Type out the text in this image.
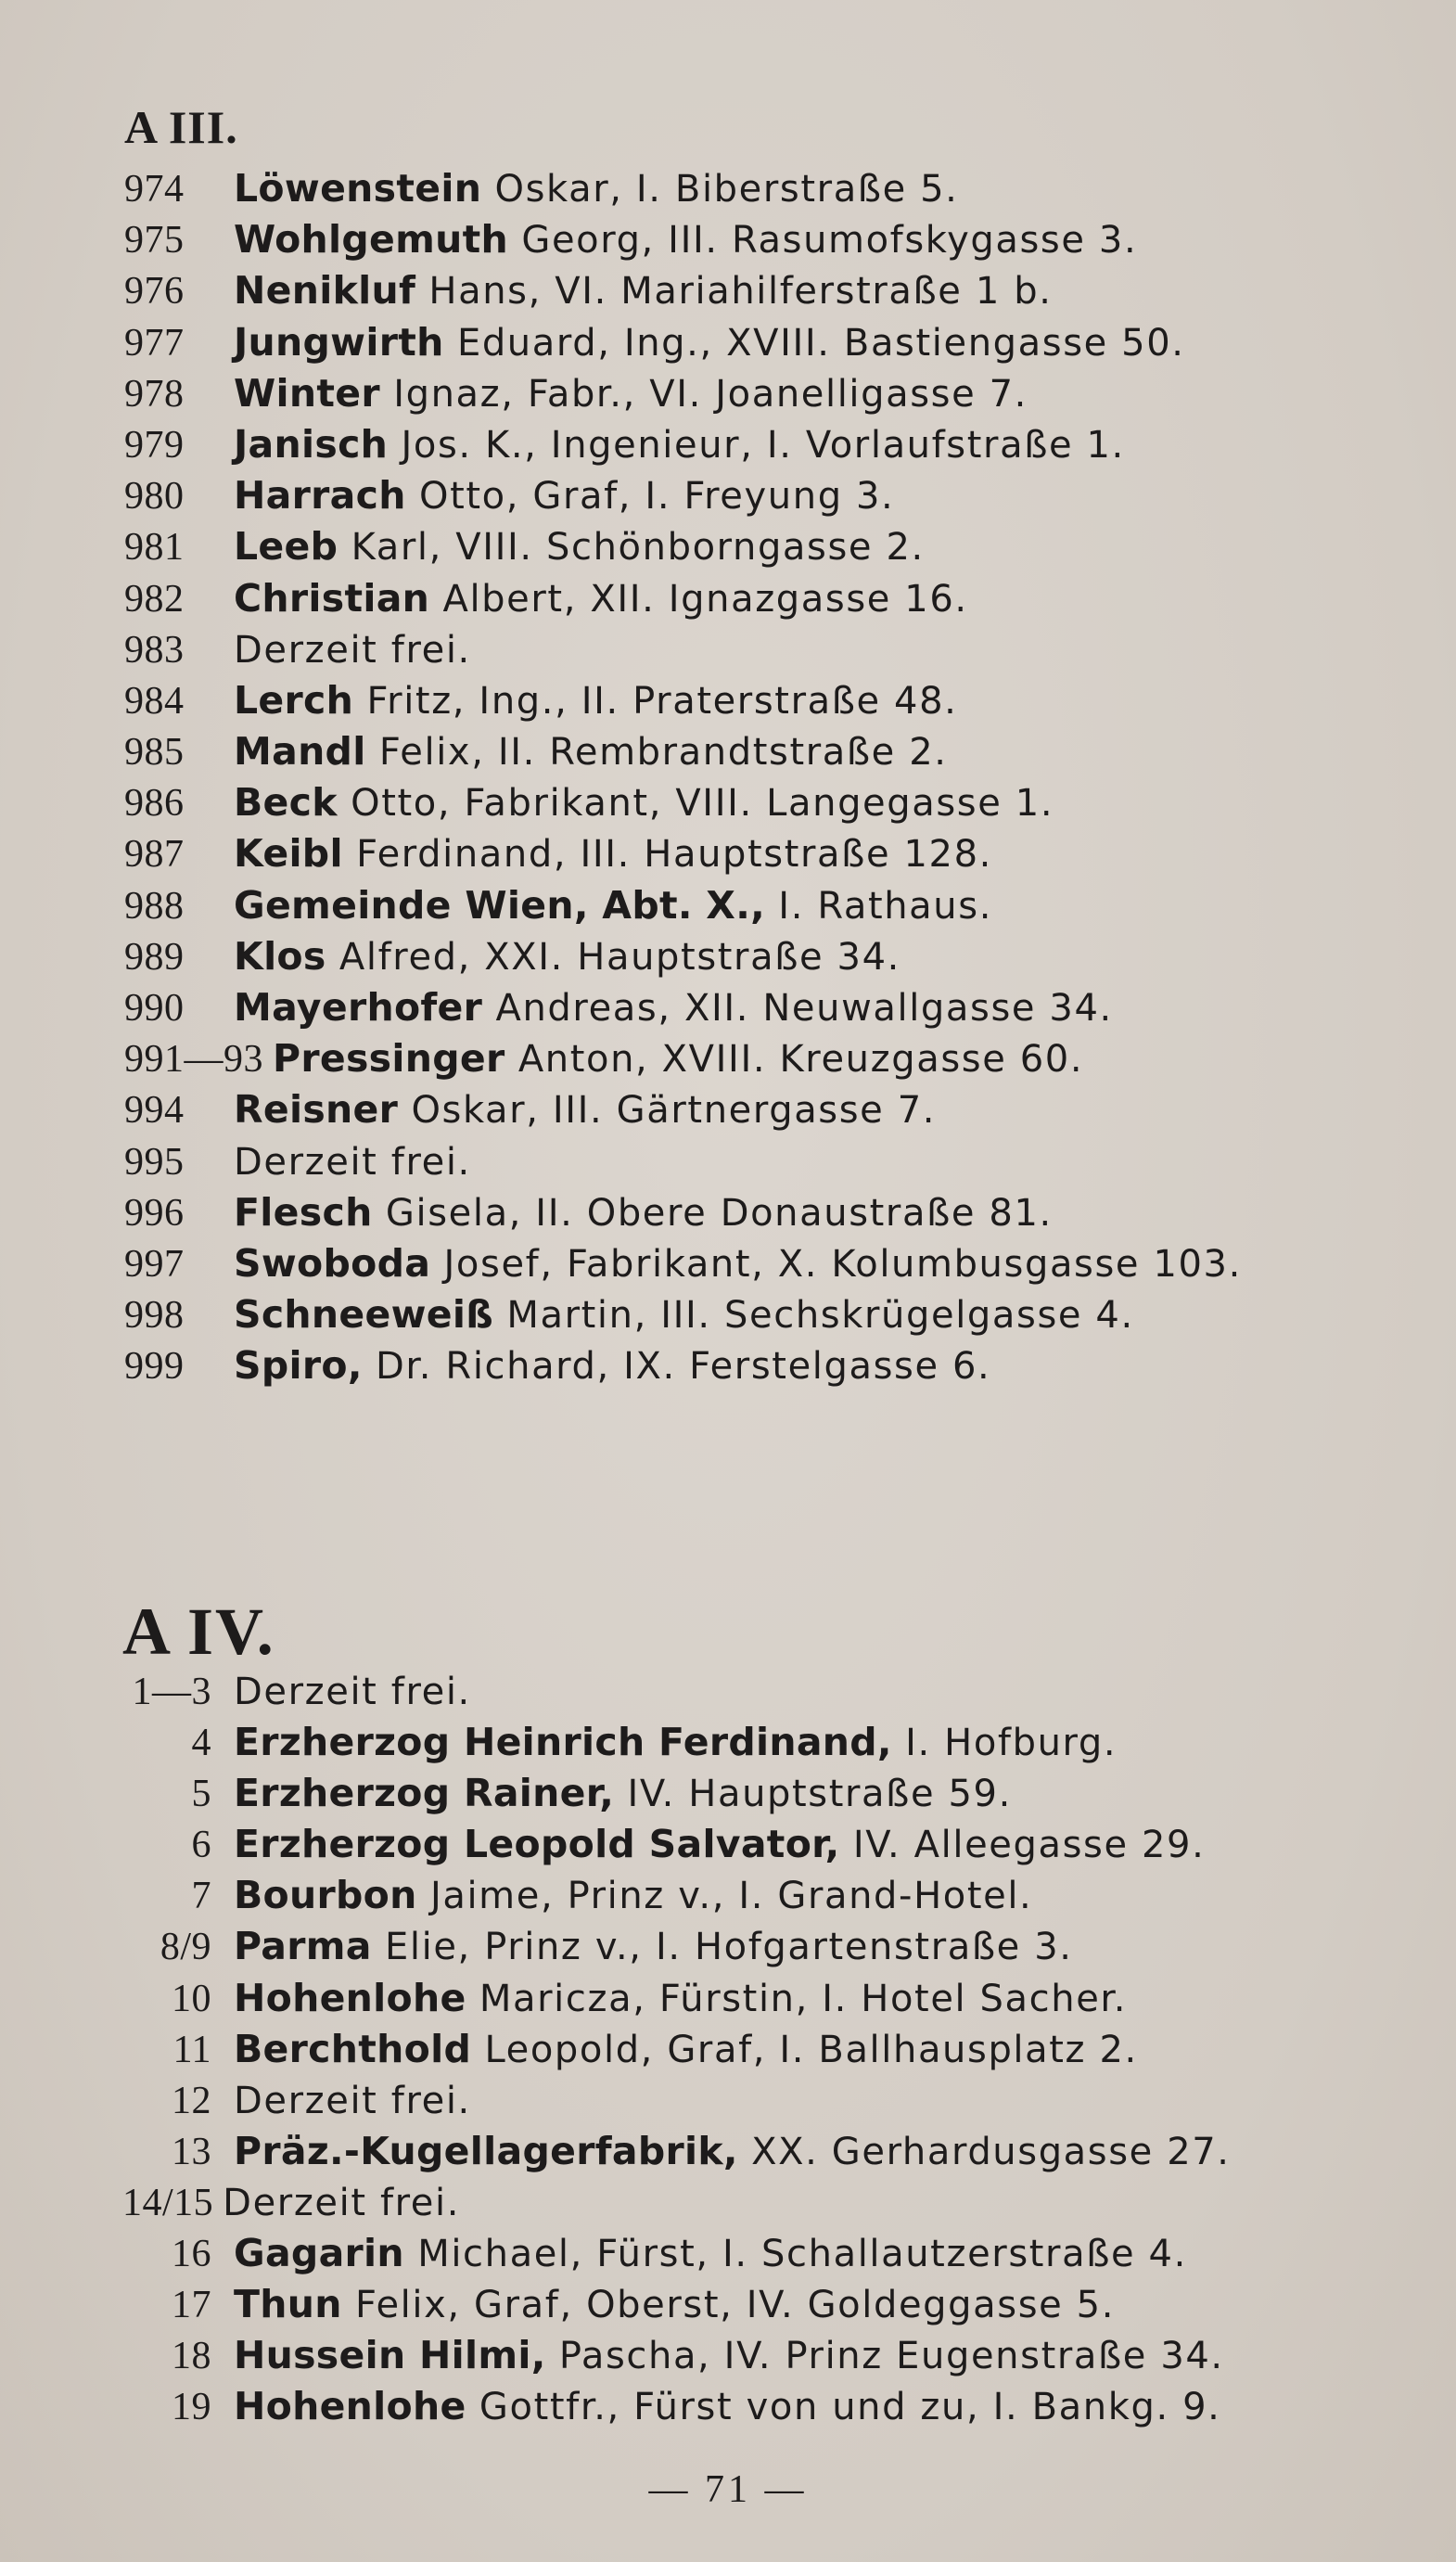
A III.
974 Löwenstein Oskar, I. Biberstraße 5.
975 Wohlgemuth Georg, III. Rasumofskygasse 3.
976 Nenikluf Hans, VI. Mariahilferstraße 1 b.
977 Jungwirth Eduard, Ing., XVIII. Bastiengasse 50.
978 Winter Ignaz, Fabr., VI. Joanelligasse 7.
979 Janisch Jos. K., Ingenieur, I. Vorlaufstraße 1.
980 Harrach Otto, Graf, I. Freyung 3.
981 Leeb Karl, VIII. Schönborngasse 2.
982 Christian Albert, XII. Ignazgasse 16.
983 Derzeit frei.
984 Lerch Fritz, Ing., II. Praterstraße 48.
985 Mandl Felix, II. Rembrandtstraße 2.
986 Beck Otto, Fabrikant, VIII. Langegasse 1.
987 Keibl Ferdinand, III. Hauptstraße 128.
988 Gemeinde Wien, Abt. X., I. Rathaus.
989 Klos Alfred, XXI. Hauptstraße 34.
990 Mayerhofer Andreas, XII. Neuwallgasse 34.
991—93 Pressinger Anton, XVIII. Kreuzgasse 60.
994 Reisner Oskar, III. Gärtnergasse 7.
995 Derzeit frei.
996 Flesch Gisela, II. Obere Donaustraße 81.
997 Swoboda Josef, Fabrikant, X. Kolumbusgasse 103.
998 Schneeweiß Martin, III. Sechskrügelgasse 4.
999 Spiro, Dr. Richard, IX. Ferstelgasse 6.
A IV.
1—3 Derzeit frei.
4 Erzherzog Heinrich Ferdinand, I. Hofburg.
5 Erzherzog Rainer, IV. Hauptstraße 59.
6 Erzherzog Leopold Salvator, IV. Alleegasse 29.
7 Bourbon Jaime, Prinz v., I. Grand-Hotel.
8/9 Parma Elie, Prinz v., I. Hofgartenstraße 3.
10 Hohenlohe Maricza, Fürstin, I. Hotel Sacher.
11 Berchthold Leopold, Graf, I. Ballhausplatz 2.
12 Derzeit frei.
13 Präz.-Kugellagerfabrik, XX. Gerhardusgasse 27.
14/15 Derzeit frei.
16 Gagarin Michael, Fürst, I. Schallautzerstraße 4.
17 Thun Felix, Graf, Oberst, IV. Goldeggasse 5.
18 Hussein Hilmi, Pascha, IV. Prinz Eugenstraße 34.
19 Hohenlohe Gottfr., Fürst von und zu, I. Bankg. 9.
— 71 —
